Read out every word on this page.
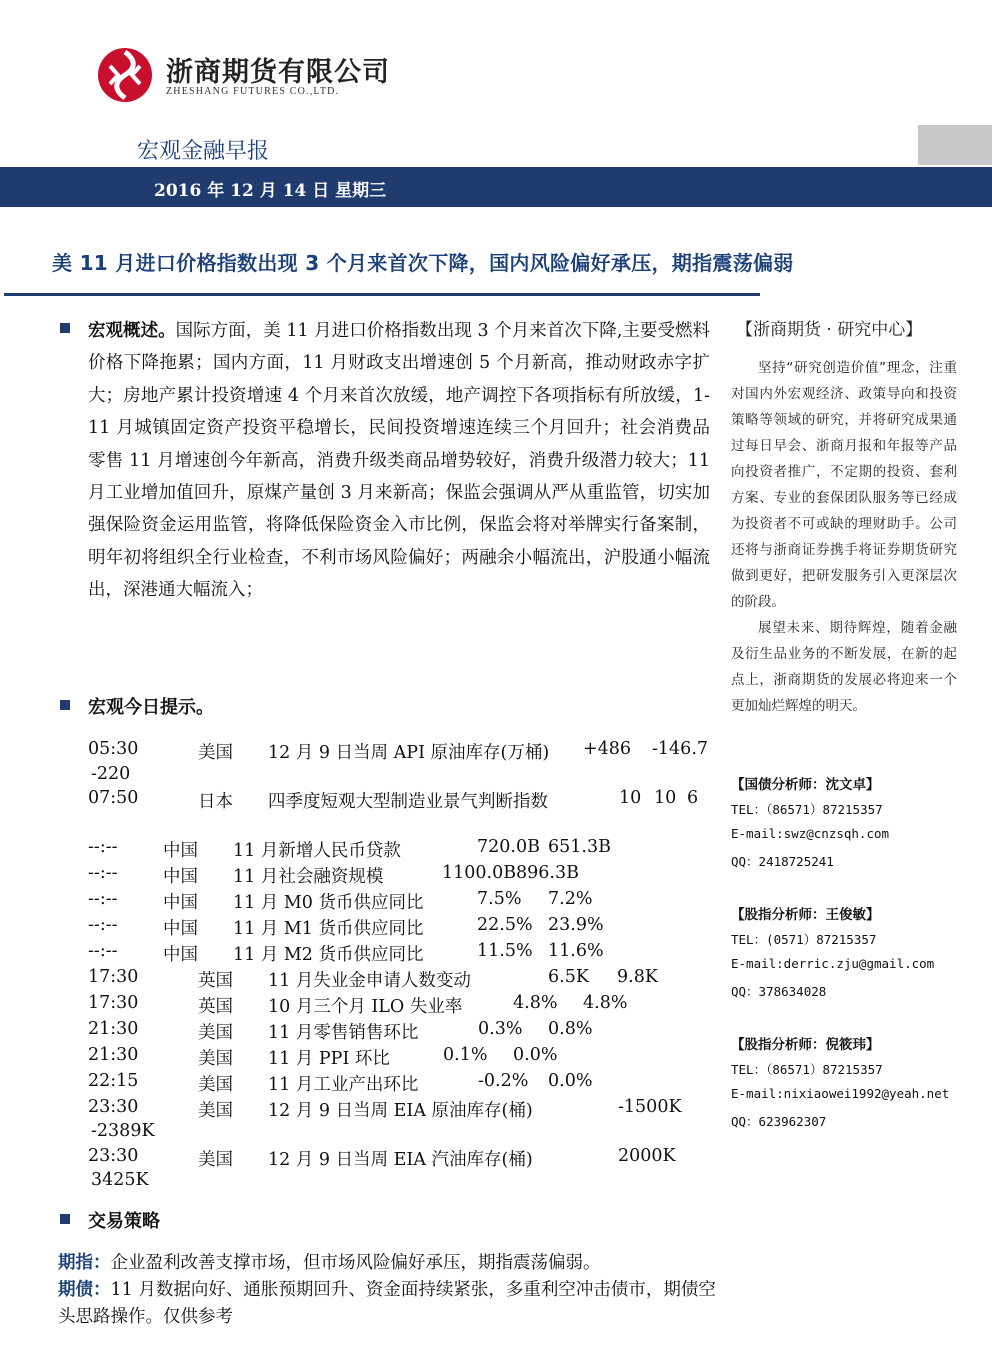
浙商期货有限公司
ZHESHANG FUTURES CO.,LTD.
宏观金融早报
2016 年 12 月 14 日 星期三
美 11 月进口价格指数出现 3 个月来首次下降，国内风险偏好承压，期指震荡偏弱
宏观概述。国际方面，美 11 月进口价格指数出现 3 个月来首次下降,主要受燃料价格下降拖累；国内方面，11 月财政支出增速创 5 个月新高，推动财政赤字扩大；房地产累计投资增速 4 个月来首次放缓，地产调控下各项指标有所放缓，1-11 月城镇固定资产投资平稳增长，民间投资增速连续三个月回升；社会消费品零售 11 月增速创今年新高，消费升级类商品增势较好，消费升级潜力较大；11 月工业增加值回升，原煤产量创 3 月来新高；保监会强调从严从重监管，切实加强保险资金运用监管，将降低保险资金入市比例，保监会将对举牌实行备案制，明年初将组织全行业检查，不利市场风险偏好；两融余小幅流出，沪股通小幅流出，深港通大幅流入；
宏观今日提示。
05:30	美国 12 月 9 日当周 API 原油库存(万桶) +486 -146.7
-220
07:50	日本 四季度短观大型制造业景气判断指数	10 10 6
--:--	中国 11 月新增人民币贷款	720.0B 651.3B
--:--	中国 11 月社会融资规模	1100.0B 896.3B
--:--	中国 11 月 M0 货币供应同比	7.5% 7.2%
--:--	中国 11 月 M1 货币供应同比	22.5% 23.9%
--:--	中国 11 月 M2 货币供应同比	11.5% 11.6%
17:30	英国 11 月失业金申请人数变动	6.5K 9.8K
17:30	英国 10 月三个月 ILO 失业率	4.8% 4.8%
21:30	美国 11 月零售销售环比	0.3% 0.8%
21:30	美国 11 月 PPI 环比	0.1% 0.0%
22:15	美国 11 月工业产出环比	-0.2% 0.0%
23:30	美国 12 月 9 日当周 EIA 原油库存(桶)	-1500K
-2389K
23:30	美国 12 月 9 日当周 EIA 汽油库存(桶)	2000K
3425K
交易策略
期指：企业盈利改善支撑市场，但市场风险偏好承压，期指震荡偏弱。
期债：11 月数据向好、通胀预期回升、资金面持续紧张，多重利空冲击债市，期债空头思路操作。仅供参考
【浙商期货 · 研究中心】
坚持“研究创造价值”理念，注重对国内外宏观经济、政策导向和投资策略等领域的研究，并将研究成果通过每日早会、浙商月报和年报等产品向投资者推广，不定期的投资、套利方案、专业的套保团队服务等已经成为投资者不可或缺的理财助手。公司还将与浙商证券携手将证券期货研究做到更好，把研发服务引入更深层次的阶段。
展望未来、期待辉煌，随着金融及衍生品业务的不断发展，在新的起点上，浙商期货的发展必将迎来一个更加灿烂辉煌的明天。
【国债分析师：沈文卓】
TEL：（86571）87215357
E-mail:swz@cnzsqh.com
QQ：2418725241
【股指分析师：王俊敏】
TEL：(0571）87215357
E-mail:derric.zju@gmail.com
QQ：378634028
【股指分析师：倪筱玮】
TEL：（86571）87215357
E-mail:nixiaowei1992@yeah.net
QQ：623962307
